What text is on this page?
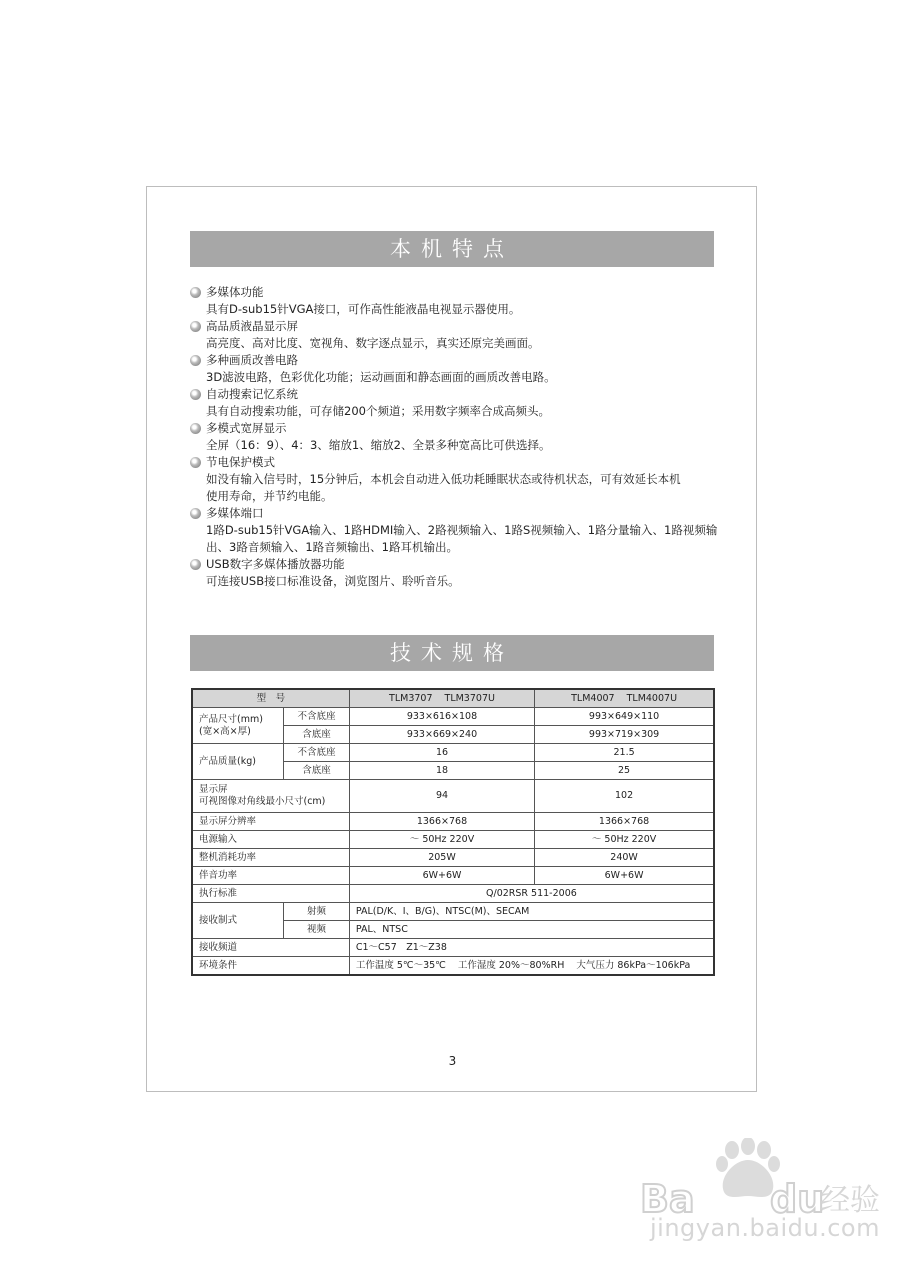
本机特点
多媒体功能
具有D-sub15针VGA接口，可作高性能液晶电视显示器使用。
高品质液晶显示屏
高亮度、高对比度、宽视角、数字逐点显示，真实还原完美画面。
多种画质改善电路
3D滤波电路，色彩优化功能；运动画面和静态画面的画质改善电路。
自动搜索记忆系统
具有自动搜索功能，可存储200个频道；采用数字频率合成高频头。
多模式宽屏显示
全屏（16：9）、4：3、缩放1、缩放2、全景多种宽高比可供选择。
节电保护模式
如没有输入信号时，15分钟后，本机会自动进入低功耗睡眠状态或待机状态，可有效延长本机
使用寿命，并节约电能。
多媒体端口
1路D-sub15针VGA输入、1路HDMI输入、2路视频输入、1路S视频输入、1路分量输入、1路视频输
出、3路音频输入、1路音频输出、1路耳机输出。
USB数字多媒体播放器功能
可连接USB接口标准设备，浏览图片、聆听音乐。
技术规格
型　号		TLM3707 TLM3707U	TLM4007 TLM4007U
产品尺寸(mm)
(宽×高×厚)	不含底座	933×616×108	993×649×110
	含底座	933×669×240	993×719×309
产品质量(kg)	不含底座	16	21.5
	含底座	18	25
显示屏
可视图像对角线最小尺寸(cm)		94	102
显示屏分辨率		1366×768	1366×768
电源输入		～ 50Hz 220V	～ 50Hz 220V
整机消耗功率		205W	240W
伴音功率		6W+6W	6W+6W
执行标准		Q/02RSR 511-2006	
接收制式	射频	PAL(D/K、I、B/G)、NTSC(M)、SECAM	
	视频	PAL、NTSC	
接收频道		C1～C57　Z1～Z38	
环境条件		工作温度 5℃～35℃ 工作湿度 20%～80%RH 大气压力 86kPa～106kPa	
3
Ba du
经验
jingyan.baidu.com
